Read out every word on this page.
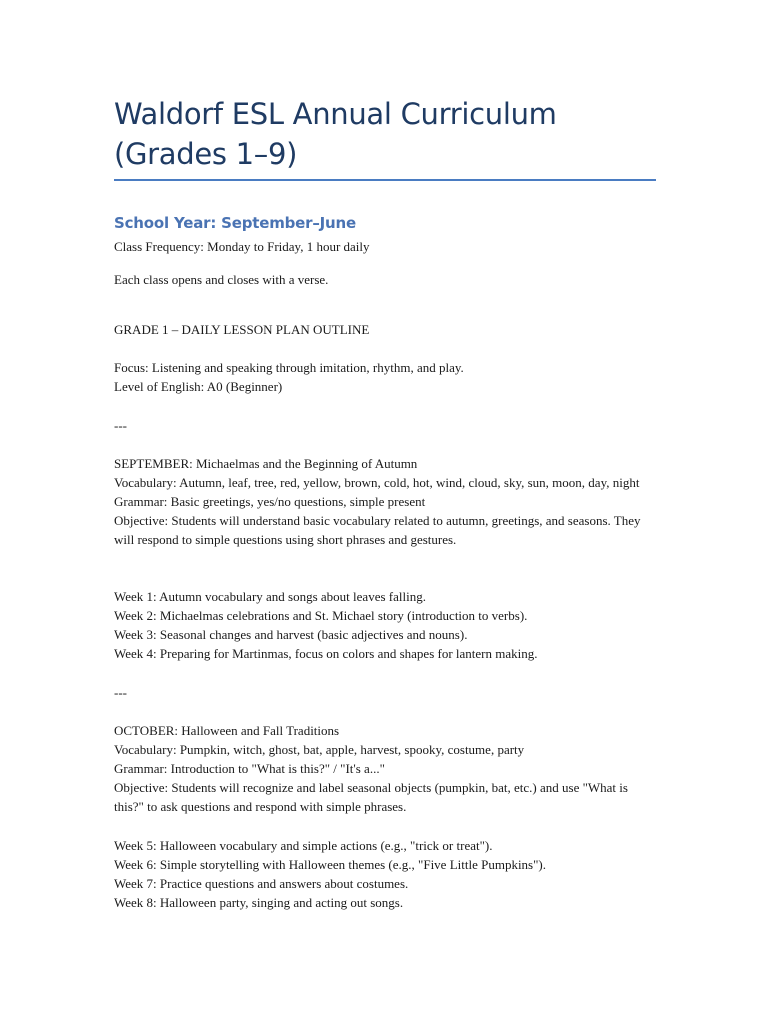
Waldorf ESL Annual Curriculum (Grades 1–9)
School Year: September–June

Class Frequency: Monday to Friday, 1 hour daily

Each class opens and closes with a verse.

GRADE 1 – DAILY LESSON PLAN OUTLINE

Focus: Listening and speaking through imitation, rhythm, and play.
Level of English: A0 (Beginner)

---

SEPTEMBER: Michaelmas and the Beginning of Autumn
Vocabulary: Autumn, leaf, tree, red, yellow, brown, cold, hot, wind, cloud, sky, sun, moon, day, night
Grammar: Basic greetings, yes/no questions, simple present
Objective: Students will understand basic vocabulary related to autumn, greetings, and seasons. They will respond to simple questions using short phrases and gestures.
Week 1: Autumn vocabulary and songs about leaves falling.
Week 2: Michaelmas celebrations and St. Michael story (introduction to verbs).
Week 3: Seasonal changes and harvest (basic adjectives and nouns).
Week 4: Preparing for Martinmas, focus on colors and shapes for lantern making.

---

OCTOBER: Halloween and Fall Traditions
Vocabulary: Pumpkin, witch, ghost, bat, apple, harvest, spooky, costume, party
Grammar: Introduction to "What is this?" / "It's a..."
Objective: Students will recognize and label seasonal objects (pumpkin, bat, etc.) and use "What is this?" to ask questions and respond with simple phrases.
Week 5: Halloween vocabulary and simple actions (e.g., "trick or treat").
Week 6: Simple storytelling with Halloween themes (e.g., "Five Little Pumpkins").
Week 7: Practice questions and answers about costumes.
Week 8: Halloween party, singing and acting out songs.
